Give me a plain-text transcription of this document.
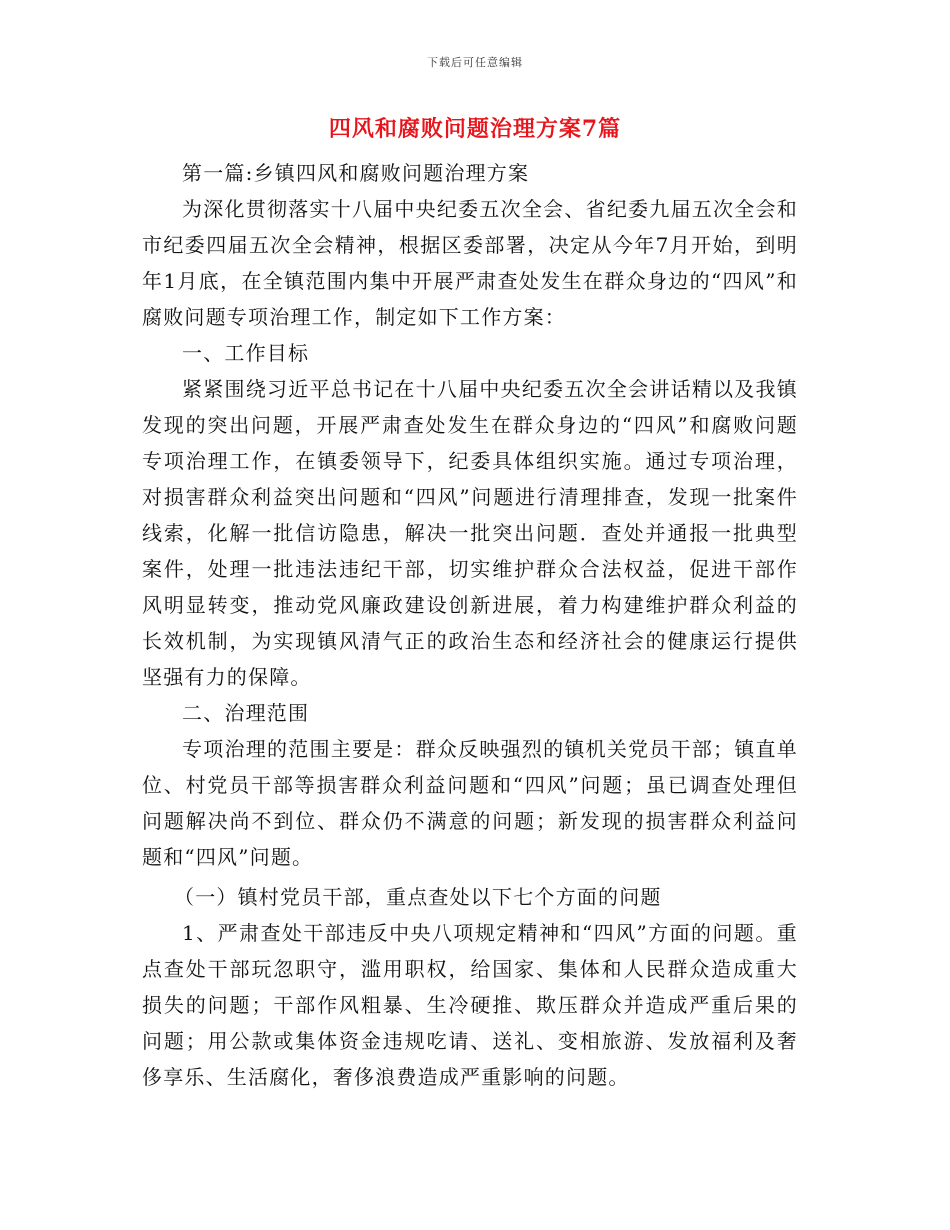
下载后可任意编辑
四风和腐败问题治理方案7篇

第一篇:乡镇四风和腐败问题治理方案

为深化贯彻落实十八届中央纪委五次全会、省纪委九届五次全会和市纪委四届五次全会精神，根据区委部署，决定从今年7月开始，到明年1月底，在全镇范围内集中开展严肃查处发生在群众身边的“四风”和腐败问题专项治理工作，制定如下工作方案：

一、工作目标

紧紧围绕习近平总书记在十八届中央纪委五次全会讲话精以及我镇发现的突出问题，开展严肃查处发生在群众身边的“四风”和腐败问题专项治理工作，在镇委领导下，纪委具体组织实施。通过专项治理，对损害群众利益突出问题和“四风”问题进行清理排查，发现一批案件线索，化解一批信访隐患，解决一批突出问题．查处并通报一批典型案件，处理一批违法违纪干部，切实维护群众合法权益，促进干部作风明显转变，推动党风廉政建设创新进展，着力构建维护群众利益的长效机制，为实现镇风清气正的政治生态和经济社会的健康运行提供坚强有力的保障。

二、治理范围

专项治理的范围主要是：群众反映强烈的镇机关党员干部；镇直单位、村党员干部等损害群众利益问题和“四风”问题；虽已调查处理但问题解决尚不到位、群众仍不满意的问题；新发现的损害群众利益问题和“四风”问题。

（一）镇村党员干部，重点查处以下七个方面的问题

1、严肃查处干部违反中央八项规定精神和“四风”方面的问题。重点查处干部玩忽职守，滥用职权，给国家、集体和人民群众造成重大损失的问题；干部作风粗暴、生冷硬推、欺压群众并造成严重后果的问题；用公款或集体资金违规吃请、送礼、变相旅游、发放福利及奢侈享乐、生活腐化，奢侈浪费造成严重影响的问题。
